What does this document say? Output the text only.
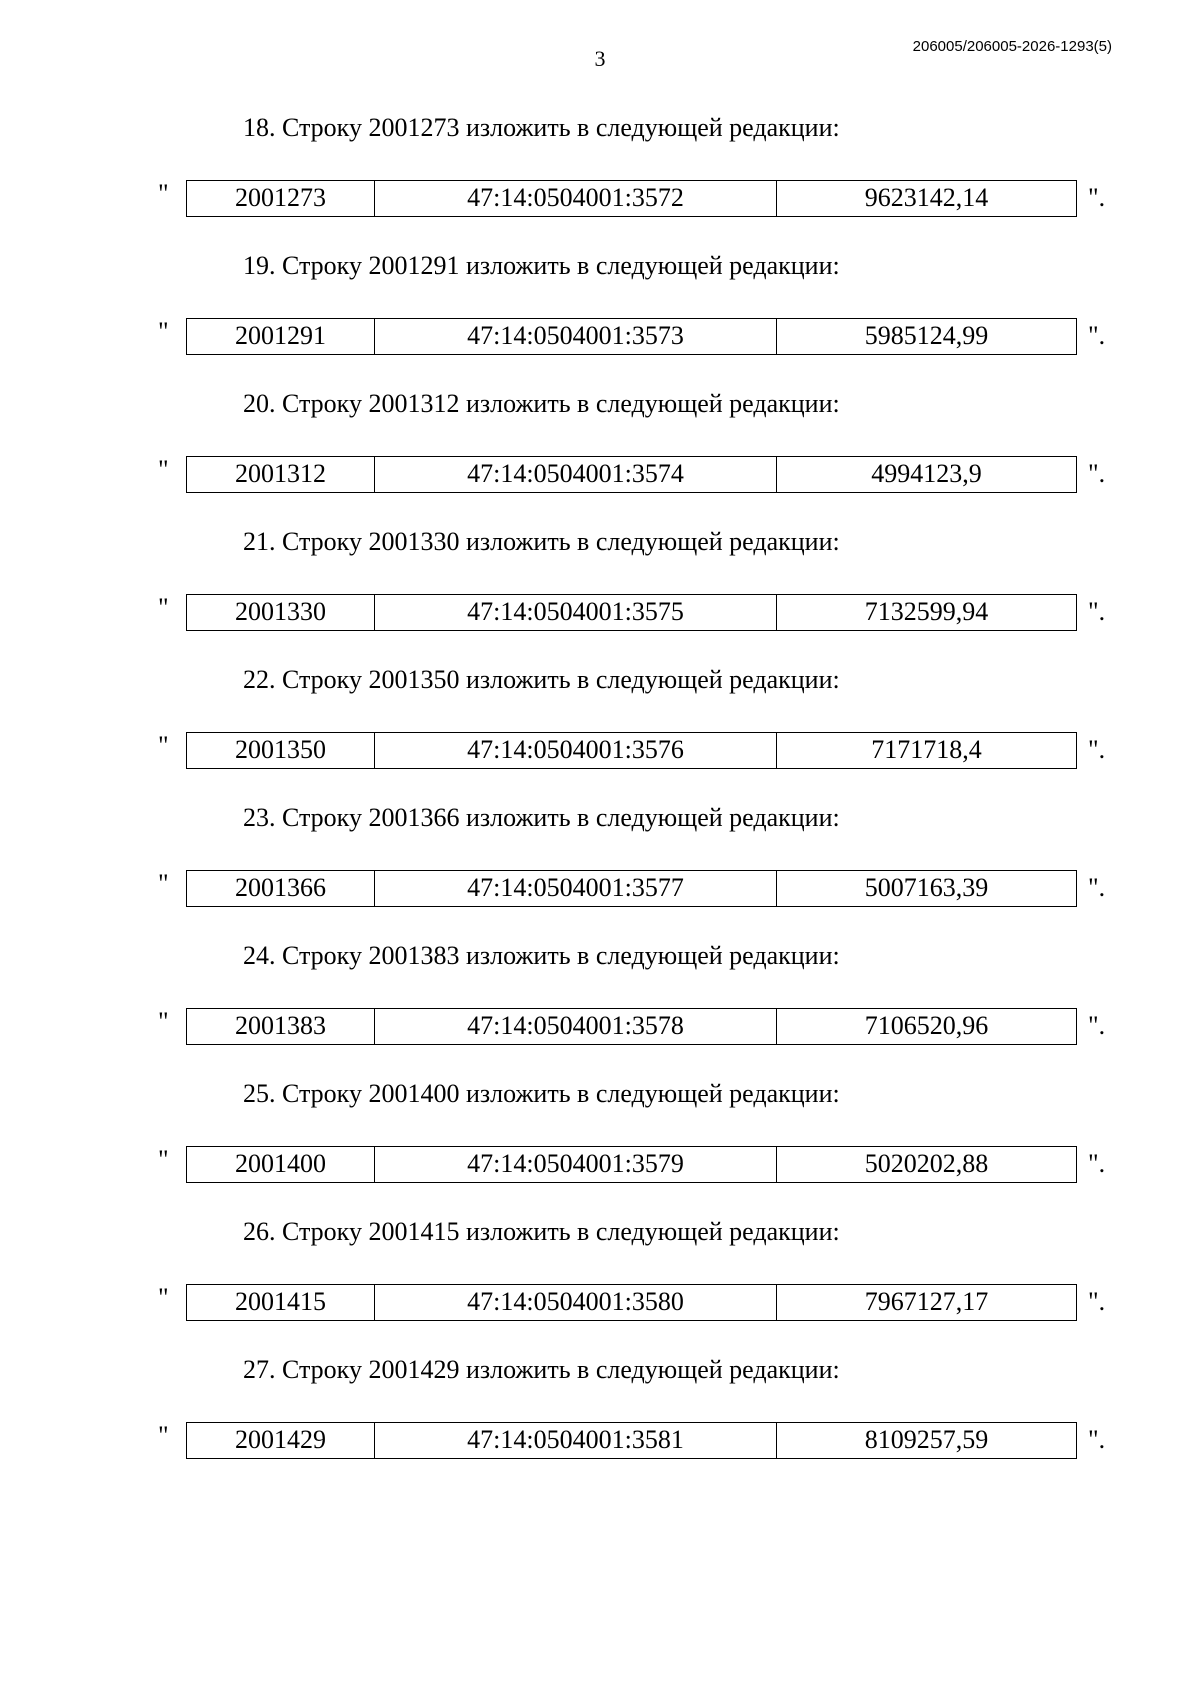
3	206005/206005-2026-1293(5)
18. Строку 2001273 изложить в следующей редакции:
"	2001273	47:14:0504001:3572	9623142,14	".
19. Строку 2001291 изложить в следующей редакции:
"	2001291	47:14:0504001:3573	5985124,99	".
20. Строку 2001312 изложить в следующей редакции:
"	2001312	47:14:0504001:3574	4994123,9	".
21. Строку 2001330 изложить в следующей редакции:
"	2001330	47:14:0504001:3575	7132599,94	".
22. Строку 2001350 изложить в следующей редакции:
"	2001350	47:14:0504001:3576	7171718,4	".
23. Строку 2001366 изложить в следующей редакции:
"	2001366	47:14:0504001:3577	5007163,39	".
24. Строку 2001383 изложить в следующей редакции:
"	2001383	47:14:0504001:3578	7106520,96	".
25. Строку 2001400 изложить в следующей редакции:
"	2001400	47:14:0504001:3579	5020202,88	".
26. Строку 2001415 изложить в следующей редакции:
"	2001415	47:14:0504001:3580	7967127,17	".
27. Строку 2001429 изложить в следующей редакции:
"	2001429	47:14:0504001:3581	8109257,59	".
